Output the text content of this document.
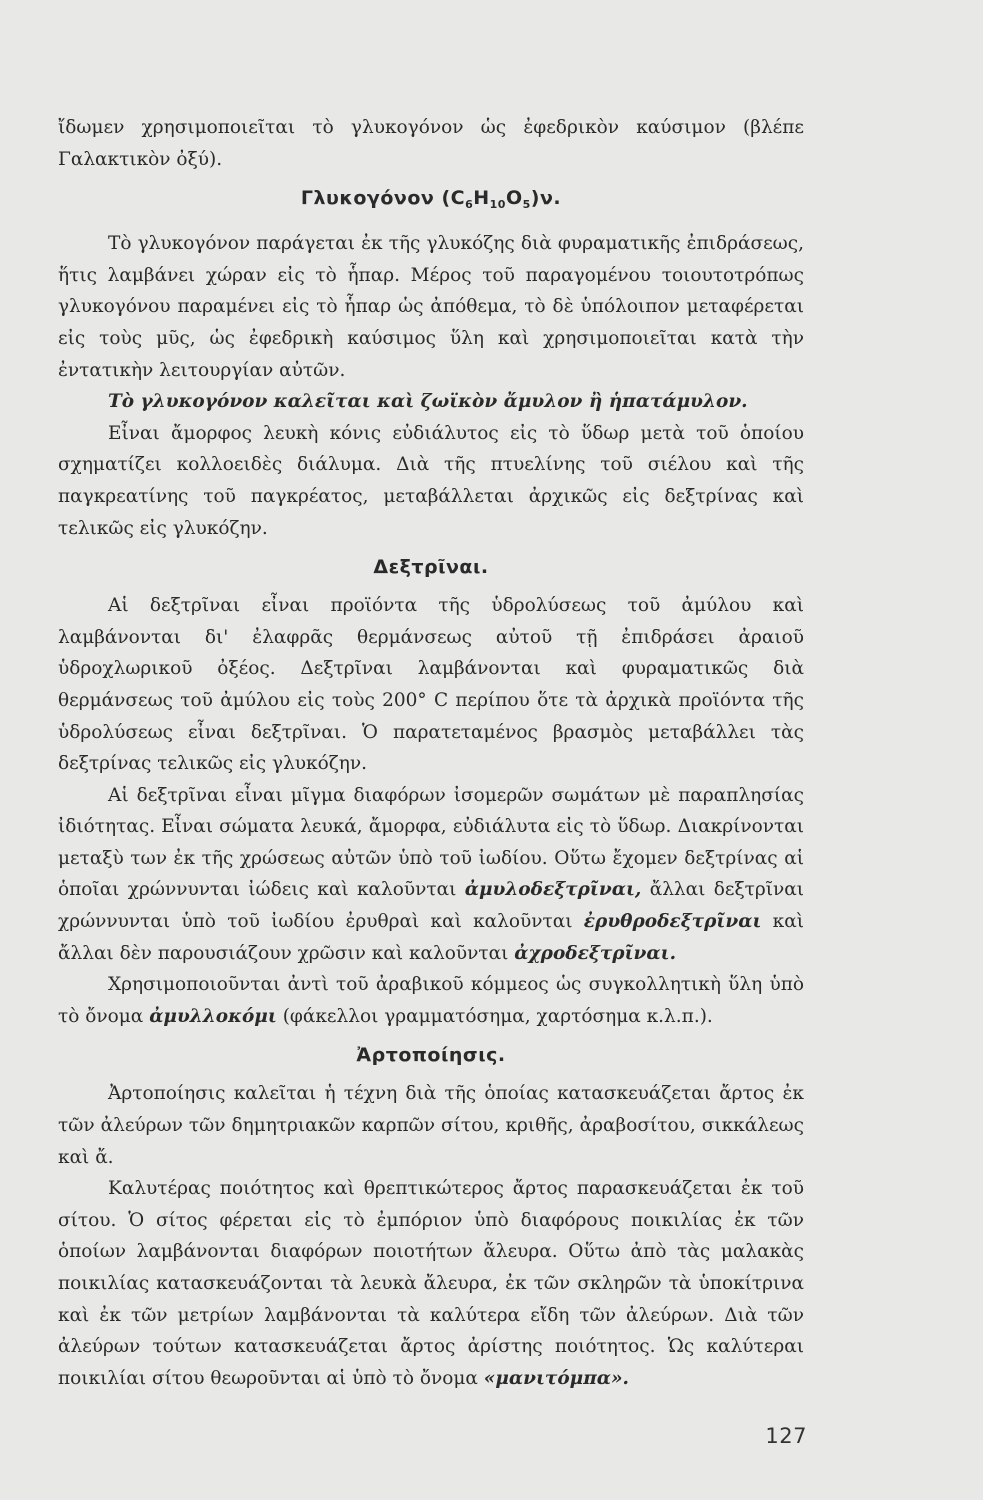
ἴδωμεν χρησιμοποιεῖται τὸ γλυκογόνον ὡς ἐφεδρικὸν καύσιμον (βλέπε Γαλακτικὸν ὀξύ).

Γλυκογόνον $(C_6H_{10}O_5)\nu$.

Τὸ γλυκογόνον παράγεται ἐκ τῆς γλυκόζης διὰ φυραματικῆς ἐπιδράσεως, ἥτις λαμβάνει χώραν εἰς τὸ ἧπαρ. Μέρος τοῦ παραγομένου τοιουτοτρόπως γλυκογόνου παραμένει εἰς τὸ ἧπαρ ὡς ἀπόθεμα, τὸ δὲ ὑπόλοιπον μεταφέρεται εἰς τοὺς μῦς, ὡς ἐφεδρικὴ καύσιμος ὕλη καὶ χρησιμοποιεῖται κατὰ τὴν ἐντατικὴν λειτουργίαν αὐτῶν.

Τὸ γλυκογόνον καλεῖται καὶ ζωϊκὸν ἄμυλον ἢ ἡπατάμυλον.

Εἶναι ἄμορφος λευκὴ κόνις εὐδιάλυτος εἰς τὸ ὕδωρ μετὰ τοῦ ὁποίου σχηματίζει κολλοειδὲς διάλυμα. Διὰ τῆς πτυελίνης τοῦ σιέλου καὶ τῆς παγκρεατίνης τοῦ παγκρέατος, μεταβάλλεται ἀρχικῶς εἰς δεξτρίνας καὶ τελικῶς εἰς γλυκόζην.

Δεξτρῖναι.

Αἱ δεξτρῖναι εἶναι προϊόντα τῆς ὑδρολύσεως τοῦ ἀμύλου καὶ λαμβάνονται δι' ἐλαφρᾶς θερμάνσεως αὐτοῦ τῇ ἐπιδράσει ἀραιοῦ ὑδροχλωρικοῦ ὀξέος. Δεξτρῖναι λαμβάνονται καὶ φυραματικῶς διὰ θερμάνσεως τοῦ ἀμύλου εἰς τοὺς 200° C περίπου ὅτε τὰ ἀρχικὰ προϊόντα τῆς ὑδρολύσεως εἶναι δεξτρῖναι. Ὁ παρατεταμένος βρασμὸς μεταβάλλει τὰς δεξτρίνας τελικῶς εἰς γλυκόζην.

Αἱ δεξτρῖναι εἶναι μῖγμα διαφόρων ἰσομερῶν σωμάτων μὲ παραπλησίας ἰδιότητας. Εἶναι σώματα λευκά, ἄμορφα, εὐδιάλυτα εἰς τὸ ὕδωρ. Διακρίνονται μεταξὺ των ἐκ τῆς χρώσεως αὐτῶν ὑπὸ τοῦ ἰωδίου. Οὕτω ἔχομεν δεξτρίνας αἱ ὁποῖαι χρώννυνται ἰώδεις καὶ καλοῦνται ἀμυλοδεξτρῖναι, ἄλλαι δεξτρῖναι χρώννυνται ὑπὸ τοῦ ἰωδίου ἐρυθραὶ καὶ καλοῦνται ἐρυθροδεξτρῖναι καὶ ἄλλαι δὲν παρουσιάζουν χρῶσιν καὶ καλοῦνται ἀχροδεξτρῖναι.

Χρησιμοποιοῦνται ἀντὶ τοῦ ἀραβικοῦ κόμμεος ὡς συγκολλητικὴ ὕλη ὑπὸ τὸ ὄνομα ἀμυλλοκόμι (φάκελλοι γραμματόσημα, χαρτόσημα κ.λ.π.).

Ἀρτοποίησις.

Ἀρτοποίησις καλεῖται ἡ τέχνη διὰ τῆς ὁποίας κατασκευάζεται ἄρτος ἐκ τῶν ἀλεύρων τῶν δημητριακῶν καρπῶν σίτου, κριθῆς, ἀραβοσίτου, σικκάλεως καὶ ἄ.

Καλυτέρας ποιότητος καὶ θρεπτικώτερος ἄρτος παρασκευάζεται ἐκ τοῦ σίτου. Ὁ σίτος φέρεται εἰς τὸ ἐμπόριον ὑπὸ διαφόρους ποικιλίας ἐκ τῶν ὁποίων λαμβάνονται διαφόρων ποιοτήτων ἄλευρα. Οὕτω ἀπὸ τὰς μαλακὰς ποικιλίας κατασκευάζονται τὰ λευκὰ ἄλευρα, ἐκ τῶν σκληρῶν τὰ ὑποκίτρινα καὶ ἐκ τῶν μετρίων λαμβάνονται τὰ καλύτερα εἴδη τῶν ἀλεύρων. Διὰ τῶν ἀλεύρων τούτων κατασκευάζεται ἄρτος ἀρίστης ποιότητος. Ὡς καλύτεραι ποικιλίαι σίτου θεωροῦνται αἱ ὑπὸ τὸ ὄνομα «μανιτόμπα».

127
